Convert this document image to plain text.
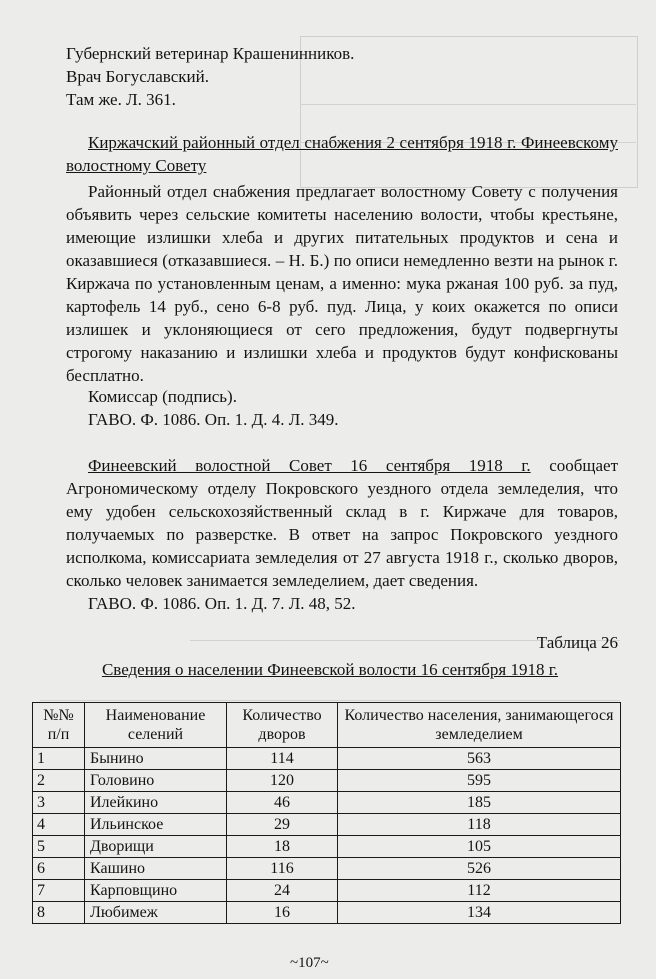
Губернский ветеринар Крашенинников.
Врач Богуславский.
Там же. Л. 361.
Киржачский районный отдел снабжения 2 сентября 1918 г. Финеевскому волостному Совету
Районный отдел снабжения предлагает волостному Совету с получения объявить через сельские комитеты населению волости, чтобы крестьяне, имеющие излишки хлеба и других питательных продуктов и сена и оказавшиеся (отказавшиеся. – Н. Б.) по описи немедленно везти на рынок г. Киржача по установленным ценам, а именно: мука ржаная 100 руб. за пуд, картофель 14 руб., сено 6-8 руб. пуд. Лица, у коих окажется по описи излишек и уклоняющиеся от сего предложения, будут подвергнуты строгому наказанию и излишки хлеба и продуктов будут конфискованы бесплатно.
Комиссар (подпись).
ГАВО. Ф. 1086. Оп. 1. Д. 4. Л. 349.
Финеевский волостной Совет 16 сентября 1918 г. сообщает Агрономическому отделу Покровского уездного отдела земледелия, что ему удобен сельскохозяйственный склад в г. Киржаче для товаров, получаемых по разверстке. В ответ на запрос Покровского уездного исполкома, комиссариата земледелия от 27 августа 1918 г., сколько дворов, сколько человек занимается земледелием, дает сведения.
ГАВО. Ф. 1086. Оп. 1. Д. 7. Л. 48, 52.
Таблица 26
Сведения о населении Финеевской волости 16 сентября 1918 г.
№№ п/п	Наименование селений	Количество дворов	Количество населения, занимающегося земледелием
1	Бынино	114	563
2	Головино	120	595
3	Илейкино	46	185
4	Ильинское	29	118
5	Дворищи	18	105
6	Кашино	116	526
7	Карповщино	24	112
8	Любимеж	16	134
~107~
